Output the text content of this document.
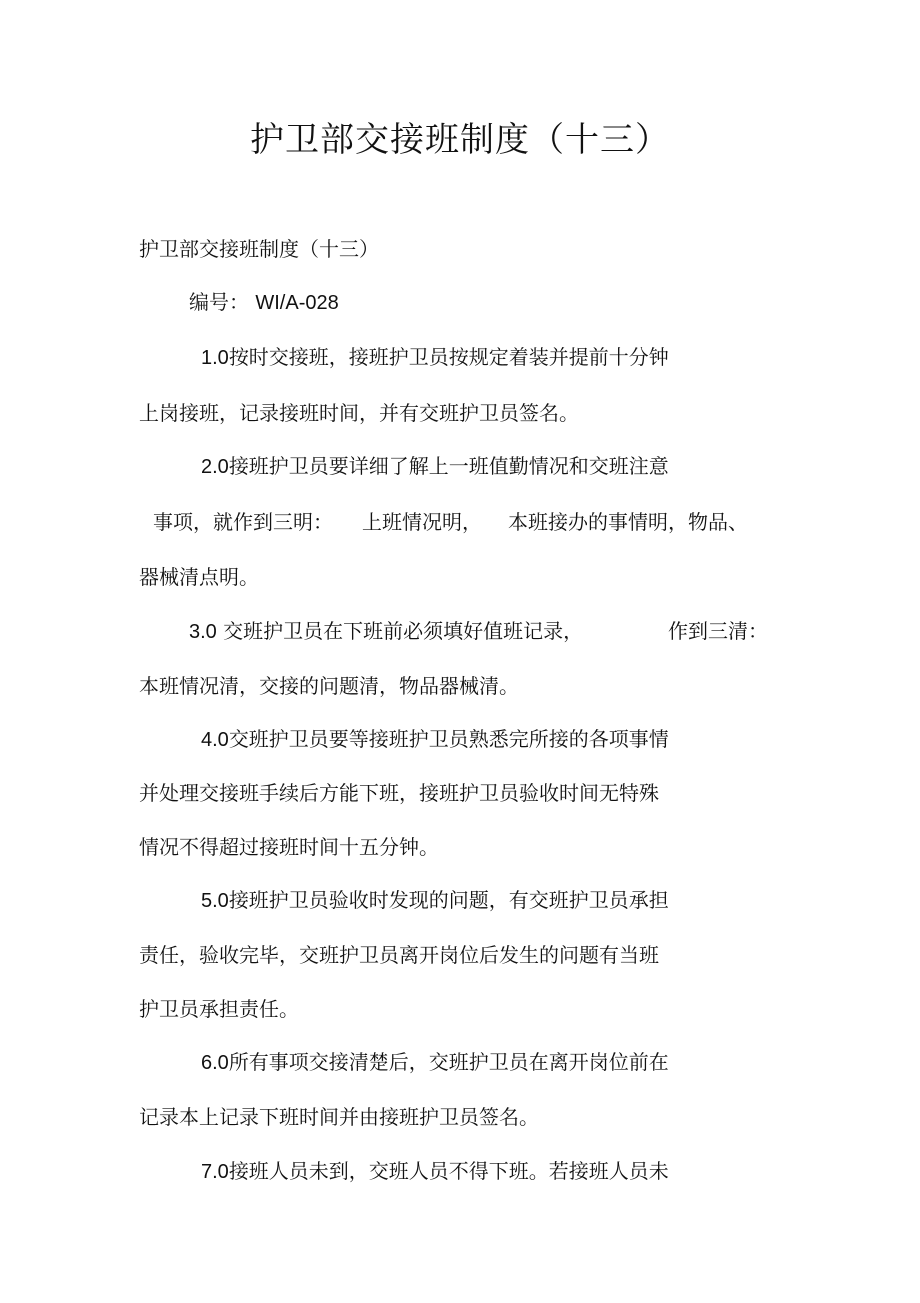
护卫部交接班制度（十三）
护卫部交接班制度（十三）
编号： WI/A-028
1.0按时交接班，接班护卫员按规定着装并提前十分钟
上岗接班，记录接班时间，并有交班护卫员签名。
2.0接班护卫员要详细了解上一班值勤情况和交班注意
事项，就作到三明： 上班情况明， 本班接办的事情明，物品、
器械清点明。
3.0 交班护卫员在下班前必须填好值班记录，	作到三清：
本班情况清，交接的问题清，物品器械清。
4.0交班护卫员要等接班护卫员熟悉完所接的各项事情
并处理交接班手续后方能下班，接班护卫员验收时间无特殊
情况不得超过接班时间十五分钟。
5.0接班护卫员验收时发现的问题，有交班护卫员承担
责任，验收完毕，交班护卫员离开岗位后发生的问题有当班
护卫员承担责任。
6.0所有事项交接清楚后，交班护卫员在离开岗位前在
记录本上记录下班时间并由接班护卫员签名。
7.0接班人员未到，交班人员不得下班。若接班人员未
